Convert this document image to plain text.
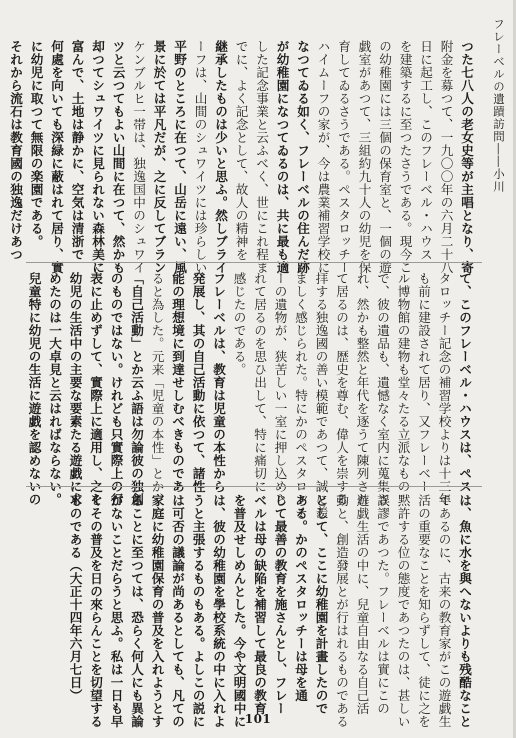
フレーベルの遺蹟訪問――小川
つた七八人の老女史等が主唱となり、寄
附金を募つて、一九〇〇年の六月二十八
日に起工し、このフレーベル・ハウス
を建築するに至つたさうである。現今こ
の幼稚園には三個の保育室と、一個の遊
戯室があつて、三組約九十人の幼児を保
育してゐるさうである。ペスタロッチー
ハイムーフの家が、今は農業補習学校に
なつてゐる如く、フレーベルの住んだ跡
が幼稚園になつてゐるのは、共に最も適
した記念事業と云ふべく、世にこれ程ま
でに、よく記念として、故人の精神を
継承したものは少いと思ふ。然しブライ
ーフは、山間のシュワイツには珍らしい
平野のところに在つて、山岳に遠い、風
景に於ては平凡だが、之に反してブラン
ケンブルヒ一帯は、独逸国中のシュワイ
ツと云つてもよい山間に在つて、然かも
却つてシュワイツに見られない森林美に
富んで、土地は静かに、空気は清浙で
何處を向いても深緑に蔽はれて居り、實
に幼児に取つて無限の楽園である。
それから流石は教育國の独逸だけあつ
て、このフレーベル・ハウスは、ペス
タロッチー記念の補習学校よりは十三年
も前に建設されて居り、又フレーベー
ル博物館の建物も堂々たる立派なもの
で、彼の遺品も、遺憾なく室内に蒐集さ
れ、然かも整然と年代を逐うて陳列され
て居るのは、歴史を尊む、偉人を崇する
拝する独逸國の善い模範であつて、誠に羨
ましく感じられた。特にかのペスタロッチ
ーの遺物が、狭苦しい一室に押し込めら
れて居るのを思ひ出して、特に痛切に
感じたのである。
フレーベルは、教育は児童の本性から
発展し、其の自己活動に依つて、諸性
能の理想境に到達せしむべきものであ
ると為した。元来「児童の本性」とか、
「自己活動」とか云ふ語は勿論彼の独創
のものではない。けれども只實際上の行
表に止めずして、實際上に適用し、之を
幼児の生活中の主要な要素たる遊戯に求
めたのは一大卓見と云はればならない。
兒童特に幼児の生活に遊戯を認めないの
は、魚に水を與へないよりも残酷なこと
であるのに、古来の教育家がこの遊戯生
活の重要なことを知らずして、徒に之を
黙許する位の態度であつたのは、甚しい
誤謬であつた。フレーベルは實にこの
遊戯生活の中に、兒童自由なる自己活
動と、創造發展とが行はれるものである
として、ここに幼稚園を計畫したので
ある。かのペスタロッチーは母を通
じて最善の教育を施さんとし、フレー
ベルは母の缺陥を補習して最良の教育
を普及せしめんとした。今や文明國中に
は、彼の幼稚園を學校系統の中に入れよ
うと主張するものもある。よしこの説に
は可否の議論が尚あるとしても、凡ての
家庭に幼稚園保育の普及を入れようとす
ることに至つては、恐らく何人にも異論
がないことだらうと思ふ。私は一日も早
くその普及を日の來らんことを切望する
ものである（大正十四年六月七日）
101
